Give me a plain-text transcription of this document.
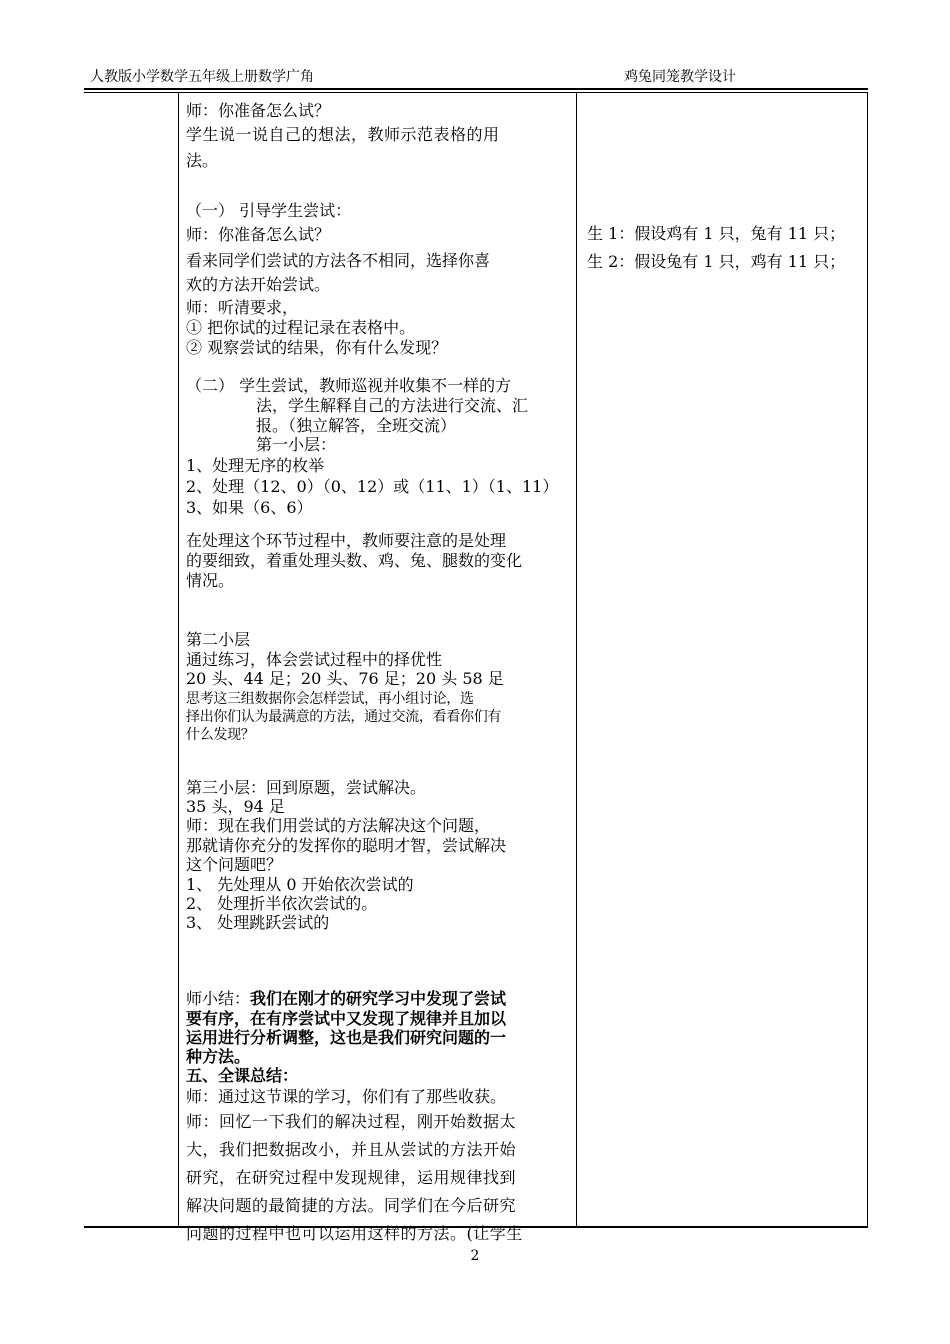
人教版小学数学五年级上册数学广角	鸡兔同笼教学设计
师：你准备怎么试？
学生说一说自己的想法，教师示范表格的用
法。
（一） 引导学生尝试：
师：你准备怎么试？
看来同学们尝试的方法各不相同，选择你喜
欢的方法开始尝试。
师：听清要求，
① 把你试的过程记录在表格中。
② 观察尝试的结果，你有什么发现？
（二） 学生尝试，教师巡视并收集不一样的方
法，学生解释自己的方法进行交流、汇
报。（独立解答，全班交流）
第一小层：
1、处理无序的枚举
2、处理（12、0）（0、12）或（11、1）（1、11）
3、如果（6、6）
在处理这个环节过程中，教师要注意的是处理
的要细致，着重处理头数、鸡、兔、腿数的变化
情况。
第二小层
通过练习，体会尝试过程中的择优性
20 头、44 足；20 头、76 足；20 头 58 足
思考这三组数据你会怎样尝试，再小组讨论，选
择出你们认为最满意的方法，通过交流，看看你们有
什么发现？
第三小层：回到原题，尝试解决。
35 头，94 足
师：现在我们用尝试的方法解决这个问题，
那就请你充分的发挥你的聪明才智，尝试解决
这个问题吧？
1、 先处理从 0 开始依次尝试的
2、 处理折半依次尝试的。
3、 处理跳跃尝试的
师小结：我们在刚才的研究学习中发现了尝试
要有序，在有序尝试中又发现了规律并且加以
运用进行分析调整，这也是我们研究问题的一
种方法。
五、全课总结：
师：通过这节课的学习，你们有了那些收获。
师：回忆一下我们的解决过程，刚开始数据太
大，我们把数据改小，并且从尝试的方法开始
研究，在研究过程中发现规律，运用规律找到
解决问题的最简捷的方法。同学们在今后研究
问题的过程中也可以运用这样的方法。(让学生
生 1：假设鸡有 1 只，兔有 11 只；
生 2：假设兔有 1 只，鸡有 11 只；
2
